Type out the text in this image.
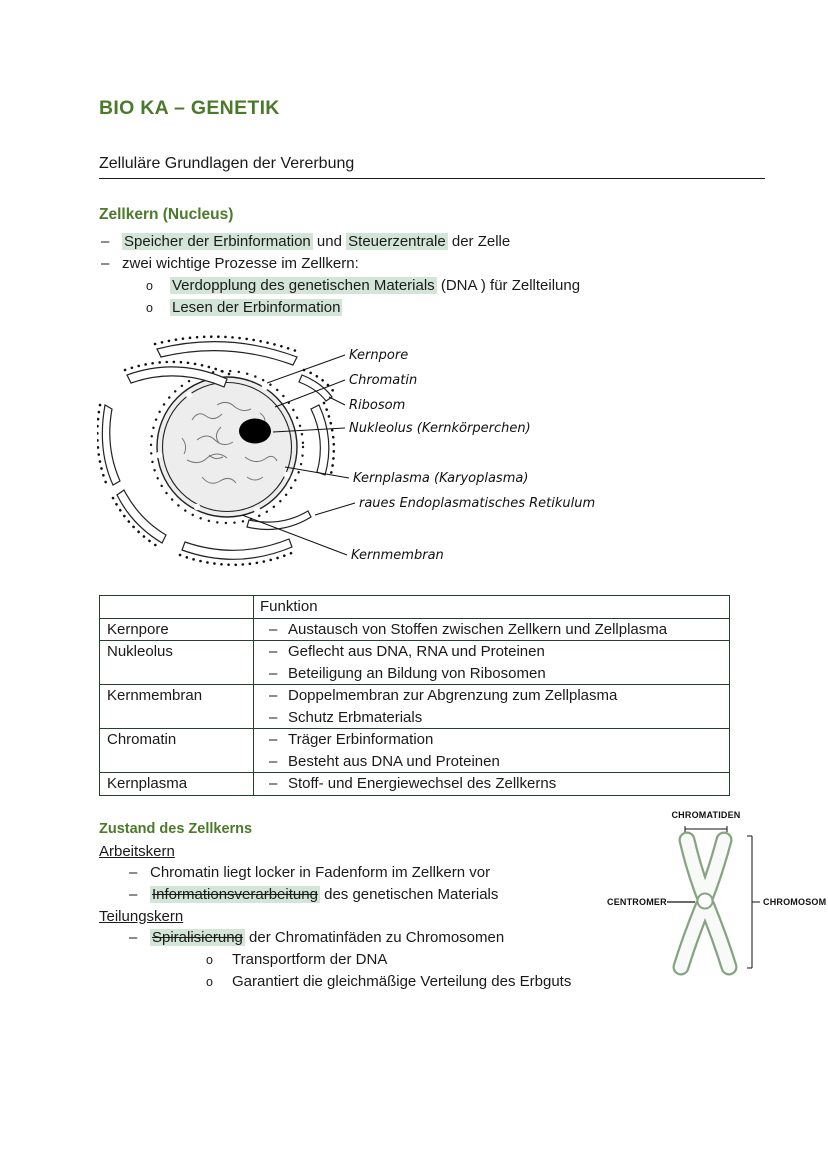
BIO KA – GENETIK
Zelluläre Grundlagen der Vererbung
Zellkern (Nucleus)
– Speicher der Erbinformation und Steuerzentrale der Zelle
– zwei wichtige Prozesse im Zellkern:
o	Verdopplung des genetischen Materials (DNA ) für Zellteilung
o	Lesen der Erbinformation
Kernpore
Chromatin
Ribosom
Nukleolus (Kernkörperchen)
Kernplasma (Karyoplasma)
raues Endoplasmatisches Retikulum
Kernmembran
	Funktion
Kernpore	– Austausch von Stoffen zwischen Zellkern und Zellplasma

Nukleolus	– Geflecht aus DNA, RNA und Proteinen
– Beteiligung an Bildung von Ribosomen

Kernmembran	– Doppelmembran zur Abgrenzung zum Zellplasma
– Schutz Erbmaterials

Chromatin	– Träger Erbinformation
– Besteht aus DNA und Proteinen

Kernplasma	– Stoff- und Energiewechsel des Zellkerns
Zustand des Zellkerns
Arbeitskern
– Chromatin liegt locker in Fadenform im Zellkern vor
– Informationsverarbeitung des genetischen Materials
Teilungskern
– Spiralisierung der Chromatinfäden zu Chromosomen
o	Transportform der DNA
o	Garantiert die gleichmäßige Verteilung des Erbguts
CHROMATIDEN
CENTROMER	CHROMOSOM
